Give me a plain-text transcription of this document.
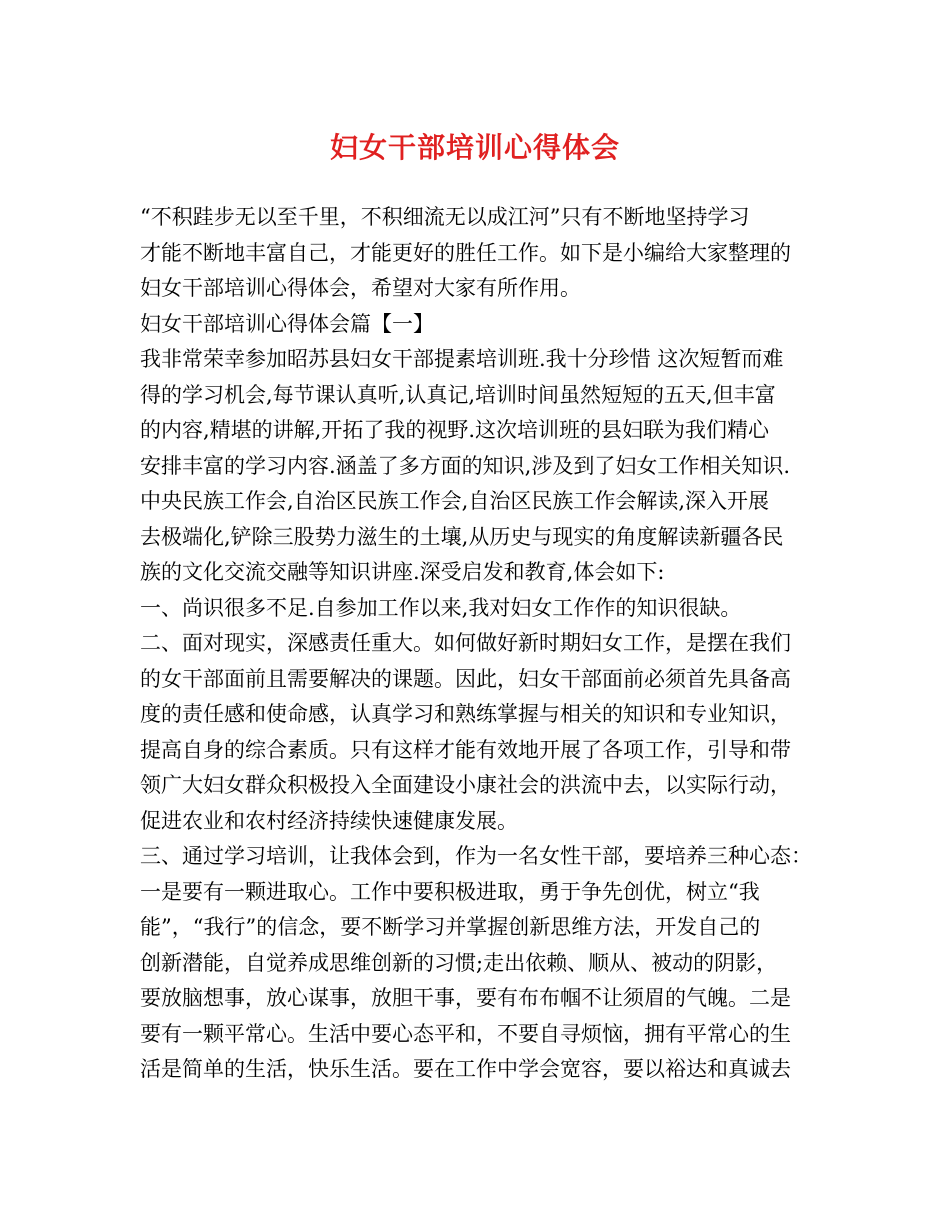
妇女干部培训心得体会
“不积跬步无以至千里，不积细流无以成江河”只有不断地坚持学习
才能不断地丰富自己，才能更好的胜任工作。如下是小编给大家整理的
妇女干部培训心得体会，希望对大家有所作用。
妇女干部培训心得体会篇【一】
我非常荣幸参加昭苏县妇女干部提素培训班.我十分珍惜 这次短暂而难
得的学习机会,每节课认真听,认真记,培训时间虽然短短的五天,但丰富
的内容,精堪的讲解,开拓了我的视野.这次培训班的县妇联为我们精心
安排丰富的学习内容.涵盖了多方面的知识,涉及到了妇女工作相关知识.
中央民族工作会,自治区民族工作会,自治区民族工作会解读,深入开展
去极端化,铲除三股势力滋生的土壤,从历史与现实的角度解读新疆各民
族的文化交流交融等知识讲座.深受启发和教育,体会如下:
一、尚识很多不足.自参加工作以来,我对妇女工作作的知识很缺。
二、面对现实，深感责任重大。如何做好新时期妇女工作，是摆在我们
的女干部面前且需要解决的课题。因此，妇女干部面前必须首先具备高
度的责任感和使命感，认真学习和熟练掌握与相关的知识和专业知识，
提高自身的综合素质。只有这样才能有效地开展了各项工作，引导和带
领广大妇女群众积极投入全面建设小康社会的洪流中去，以实际行动，
促进农业和农村经济持续快速健康发展。
三、通过学习培训，让我体会到，作为一名女性干部，要培养三种心态：
一是要有一颗进取心。工作中要积极进取，勇于争先创优，树立“我
能”，“我行”的信念，要不断学习并掌握创新思维方法，开发自己的
创新潜能，自觉养成思维创新的习惯;走出依赖、顺从、被动的阴影，
要放脑想事，放心谋事，放胆干事，要有布布帼不让须眉的气魄。二是
要有一颗平常心。生活中要心态平和，不要自寻烦恼，拥有平常心的生
活是简单的生活，快乐生活。要在工作中学会宽容，要以裕达和真诚去
